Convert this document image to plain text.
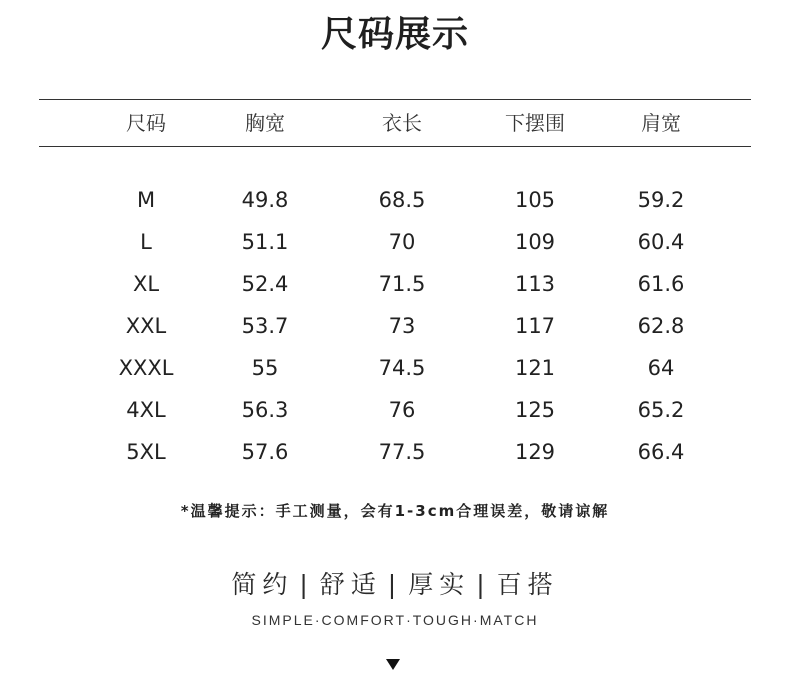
尺码展示
尺码	胸宽	衣长	下摆围	肩宽
M	49.8	68.5	105	59.2
L	51.1	70	109	60.4
XL	52.4	71.5	113	61.6
XXL	53.7	73	117	62.8
XXXL	55	74.5	121	64
4XL	56.3	76	125	65.2
5XL	57.6	77.5	129	66.4
*温馨提示：手工测量，会有1-3cm合理误差，敬请谅解
简约 | 舒适 | 厚实 | 百搭
SIMPLE·COMFORT·TOUGH·MATCH
